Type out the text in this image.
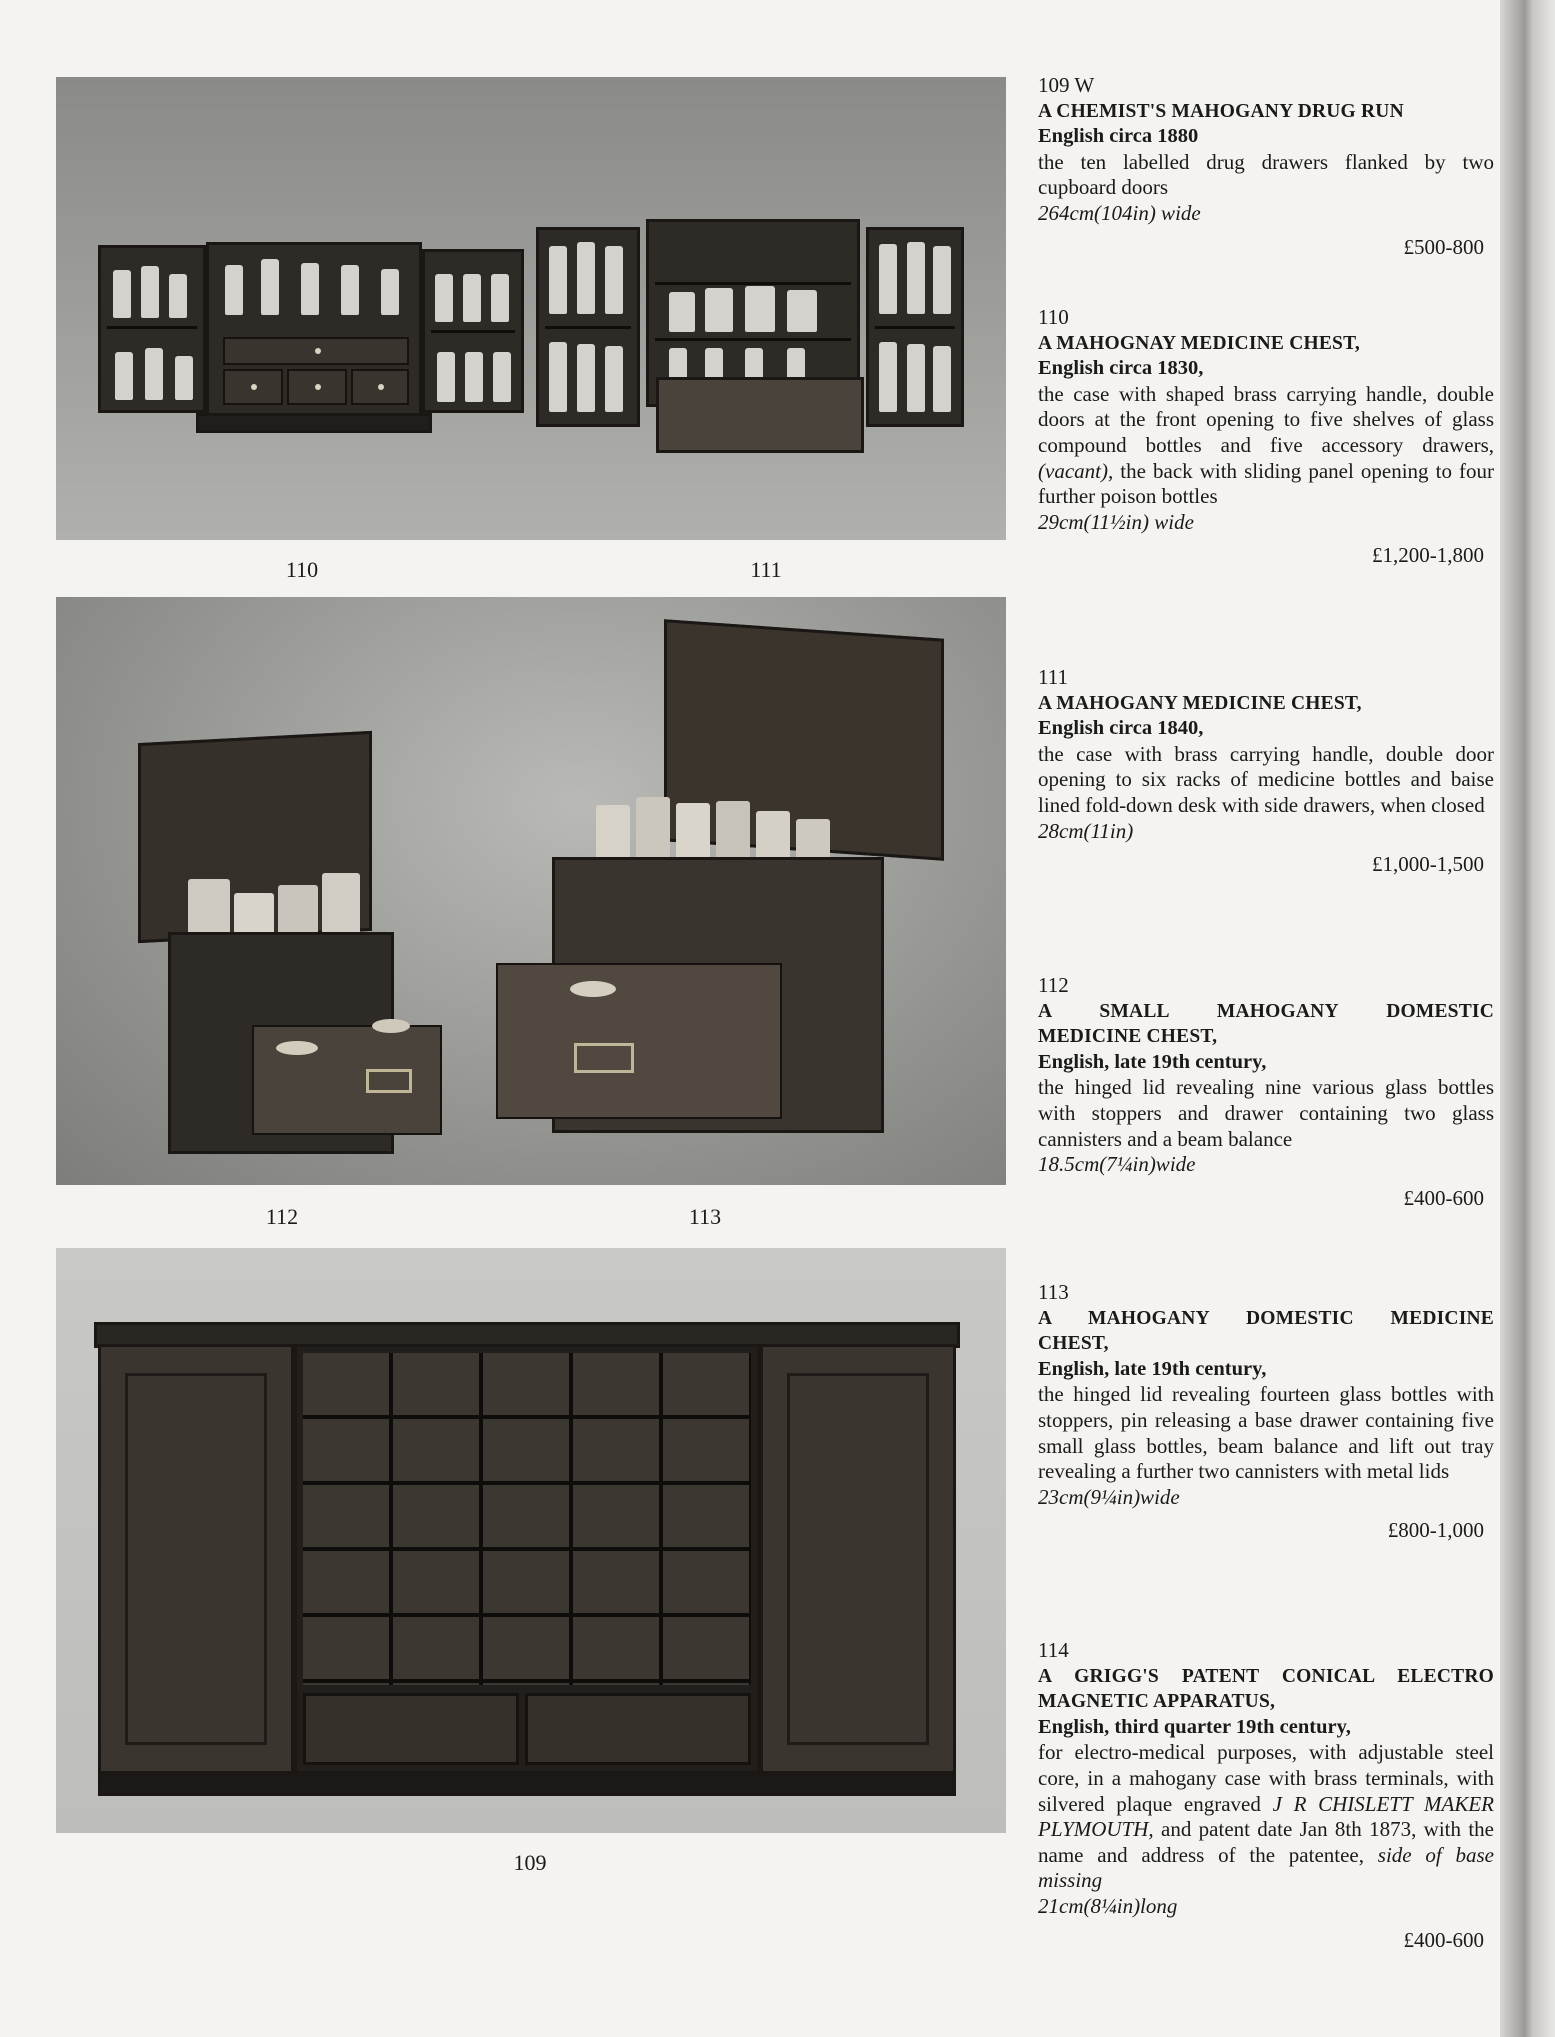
110	111
112	113
109
109 W
A CHEMIST'S MAHOGANY DRUG RUN
English circa 1880
the ten labelled drug drawers flanked by two cupboard doors
264cm(104in) wide
£500-800
110
A MAHOGNAY MEDICINE CHEST,
English circa 1830,
the case with shaped brass carrying handle, double doors at the front opening to five shelves of glass compound bottles and five accessory drawers, (vacant), the back with sliding panel opening to four further poison bottles
29cm(11½in) wide
£1,200-1,800
111
A MAHOGANY MEDICINE CHEST,
English circa 1840,
the case with brass carrying handle, double door opening to six racks of medicine bottles and baise lined fold-down desk with side drawers, when closed
28cm(11in)
£1,000-1,500
112
A SMALL MAHOGANY DOMESTIC
MEDICINE CHEST,
English, late 19th century,
the hinged lid revealing nine various glass bottles with stoppers and drawer containing two glass cannisters and a beam balance
18.5cm(7¼in)wide
£400-600
113
A MAHOGANY DOMESTIC MEDICINE
CHEST,
English, late 19th century,
the hinged lid revealing fourteen glass bottles with stoppers, pin releasing a base drawer containing five small glass bottles, beam balance and lift out tray revealing a further two cannisters with metal lids
23cm(9¼in)wide
£800-1,000
114
A GRIGG'S PATENT CONICAL ELECTRO
MAGNETIC APPARATUS,
English, third quarter 19th century,
for electro-medical purposes, with adjustable steel core, in a mahogany case with brass terminals, with silvered plaque engraved J R CHISLETT MAKER PLYMOUTH, and patent date Jan 8th 1873, with the name and address of the patentee, side of base missing
21cm(8¼in)long
£400-600
